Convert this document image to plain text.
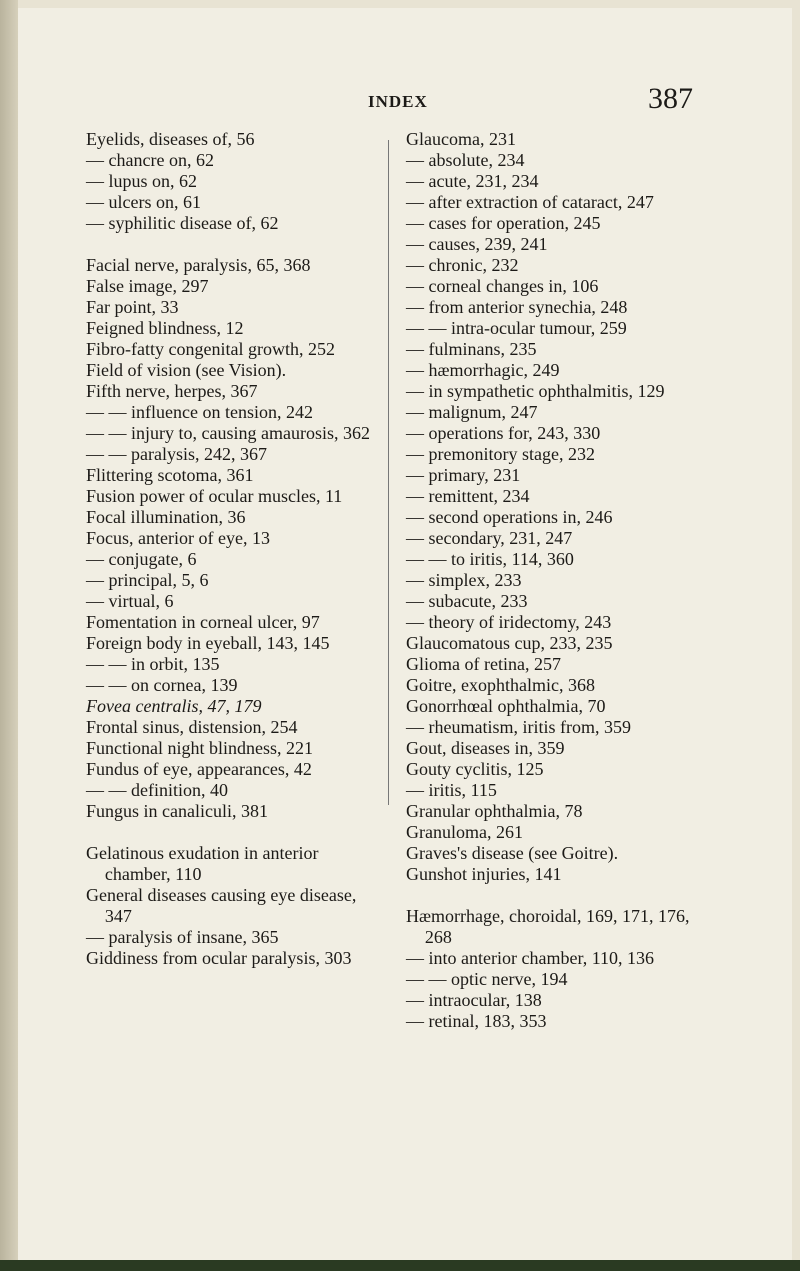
INDEX	387

Eyelids, diseases of, 56

— chancre on, 62

— lupus on, 62

— ulcers on, 61

— syphilitic disease of, 62

Facial nerve, paralysis, 65, 368

False image, 297

Far point, 33

Feigned blindness, 12

Fibro-fatty congenital growth, 252

Field of vision (see Vision).

Fifth nerve, herpes, 367

— — influence on tension, 242

— — injury to, causing amaurosis, 362

— — paralysis, 242, 367

Flittering scotoma, 361

Fusion power of ocular muscles, 11

Focal illumination, 36

Focus, anterior of eye, 13

— conjugate, 6

— principal, 5, 6

— virtual, 6

Fomentation in corneal ulcer, 97

Foreign body in eyeball, 143, 145

— — in orbit, 135

— — on cornea, 139

Fovea centralis, 47, 179

Frontal sinus, distension, 254

Functional night blindness, 221

Fundus of eye, appearances, 42

— — definition, 40

Fungus in canaliculi, 381

Gelatinous exudation in anterior chamber, 110

General diseases causing eye disease, 347

— paralysis of insane, 365

Giddiness from ocular paralysis, 303

Glaucoma, 231

— absolute, 234

— acute, 231, 234

— after extraction of cataract, 247

— cases for operation, 245

— causes, 239, 241

— chronic, 232

— corneal changes in, 106

— from anterior synechia, 248

— — intra-ocular tumour, 259

— fulminans, 235

— hæmorrhagic, 249

— in sympathetic ophthalmitis, 129

— malignum, 247

— operations for, 243, 330

— premonitory stage, 232

— primary, 231

— remittent, 234

— second operations in, 246

— secondary, 231, 247

— — to iritis, 114, 360

— simplex, 233

— subacute, 233

— theory of iridectomy, 243

Glaucomatous cup, 233, 235

Glioma of retina, 257

Goitre, exophthalmic, 368

Gonorrhœal ophthalmia, 70

— rheumatism, iritis from, 359

Gout, diseases in, 359

Gouty cyclitis, 125

— iritis, 115

Granular ophthalmia, 78

Granuloma, 261

Graves's disease (see Goitre).

Gunshot injuries, 141

Hæmorrhage, choroidal, 169, 171, 176, 268

— into anterior chamber, 110, 136

— — optic nerve, 194

— intraocular, 138

— retinal, 183, 353
